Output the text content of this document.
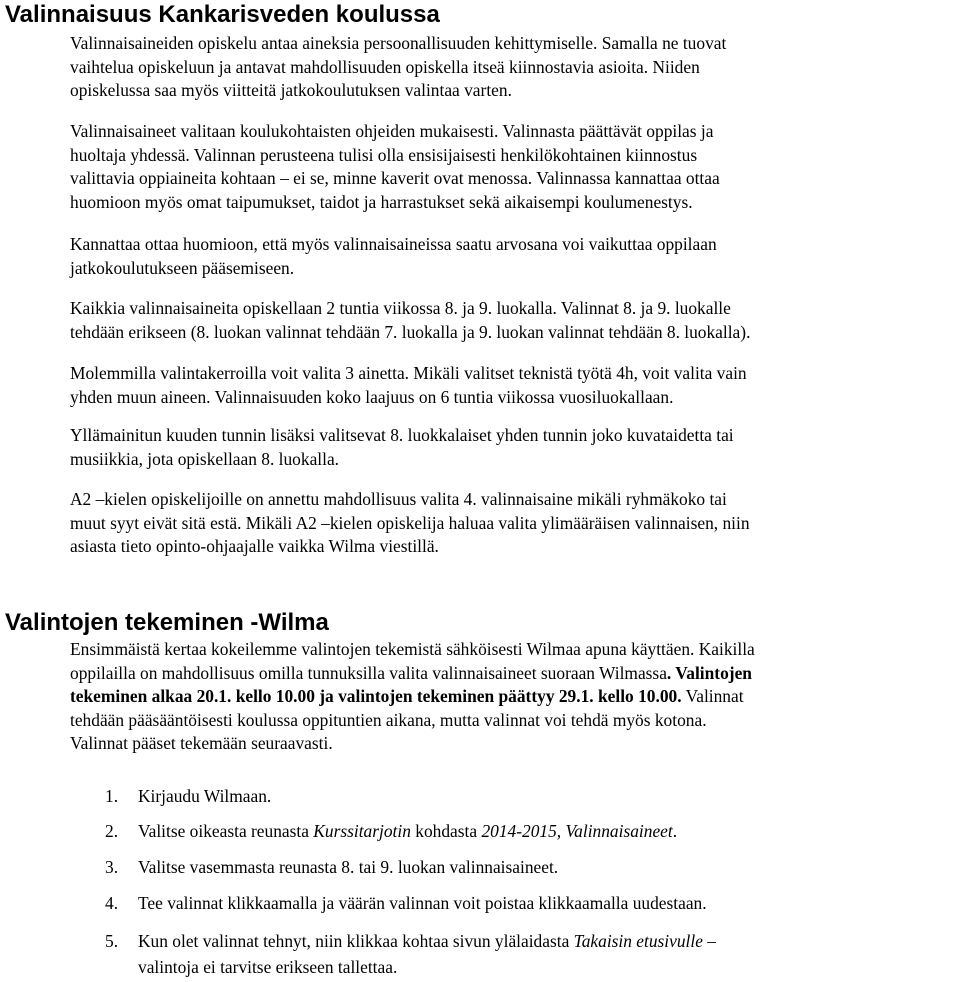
Valinnaisuus Kankarisveden koulussa
Valinnaisaineiden opiskelu antaa aineksia persoonallisuuden kehittymiselle. Samalla ne tuovat
vaihtelua opiskeluun ja antavat mahdollisuuden opiskella itseä kiinnostavia asioita. Niiden
opiskelussa saa myös viitteitä jatkokoulutuksen valintaa varten.
Valinnaisaineet valitaan koulukohtaisten ohjeiden mukaisesti. Valinnasta päättävät oppilas ja
huoltaja yhdessä. Valinnan perusteena tulisi olla ensisijaisesti henkilökohtainen kiinnostus
valittavia oppiaineita kohtaan – ei se, minne kaverit ovat menossa. Valinnassa kannattaa ottaa
huomioon myös omat taipumukset, taidot ja harrastukset sekä aikaisempi koulumenestys.
Kannattaa ottaa huomioon, että myös valinnaisaineissa saatu arvosana voi vaikuttaa oppilaan
jatkokoulutukseen pääsemiseen.
Kaikkia valinnaisaineita opiskellaan 2 tuntia viikossa 8. ja 9. luokalla. Valinnat 8. ja 9. luokalle
tehdään erikseen (8. luokan valinnat tehdään 7. luokalla ja 9. luokan valinnat tehdään 8. luokalla).
Molemmilla valintakerroilla voit valita 3 ainetta. Mikäli valitset teknistä työtä 4h, voit valita vain
yhden muun aineen. Valinnaisuuden koko laajuus on 6 tuntia viikossa vuosiluokallaan.
Yllämainitun kuuden tunnin lisäksi valitsevat 8. luokkalaiset yhden tunnin joko kuvataidetta tai
musiikkia, jota opiskellaan 8. luokalla.
A2 –kielen opiskelijoille on annettu mahdollisuus valita 4. valinnaisaine mikäli ryhmäkoko tai
muut syyt eivät sitä estä. Mikäli A2 –kielen opiskelija haluaa valita ylimääräisen valinnaisen, niin
asiasta tieto opinto-ohjaajalle vaikka Wilma viestillä.
Valintojen tekeminen -Wilma
Ensimmäistä kertaa kokeilemme valintojen tekemistä sähköisesti Wilmaa apuna käyttäen. Kaikilla
oppilailla on mahdollisuus omilla tunnuksilla valita valinnaisaineet suoraan Wilmassa. Valintojen
tekeminen alkaa 20.1. kello 10.00 ja valintojen tekeminen päättyy 29.1. kello 10.00. Valinnat
tehdään pääsääntöisesti koulussa oppituntien aikana, mutta valinnat voi tehdä myös kotona.
Valinnat pääset tekemään seuraavasti.
1. Kirjaudu Wilmaan.
2. Valitse oikeasta reunasta Kurssitarjotin kohdasta 2014-2015, Valinnaisaineet.
3. Valitse vasemmasta reunasta 8. tai 9. luokan valinnaisaineet.
4. Tee valinnat klikkaamalla ja väärän valinnan voit poistaa klikkaamalla uudestaan.
5. Kun olet valinnat tehnyt, niin klikkaa kohtaa sivun ylälaidasta Takaisin etusivulle –
valintoja ei tarvitse erikseen tallettaa.
